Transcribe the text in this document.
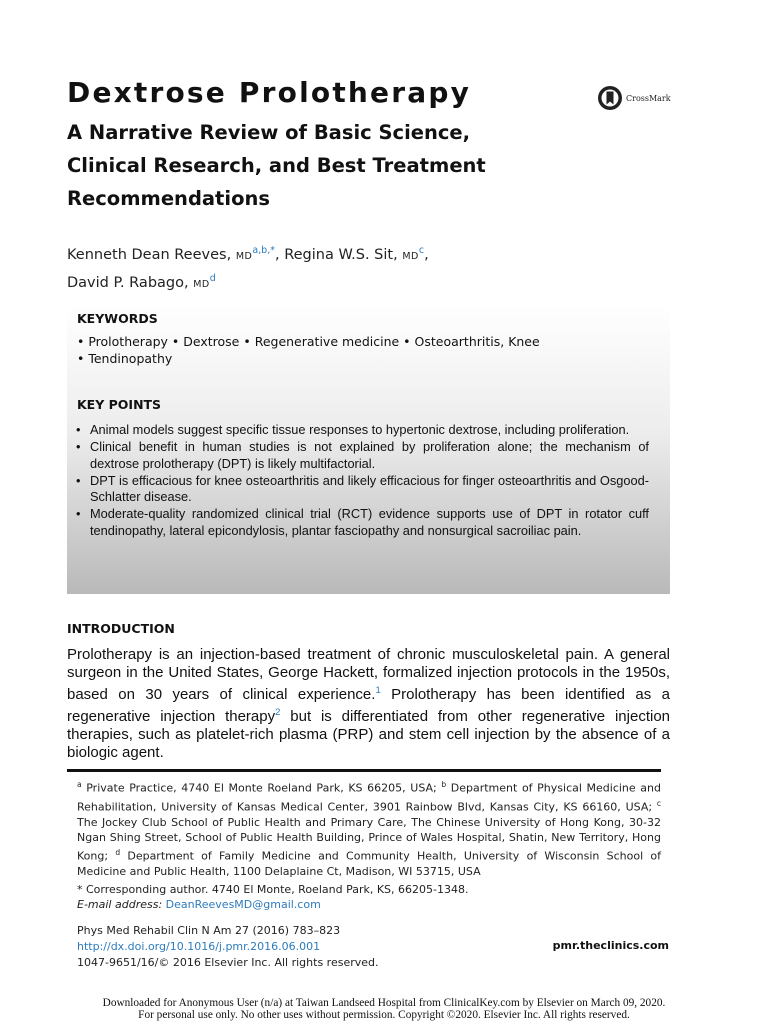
Dextrose Prolotherapy	CrossMark
A Narrative Review of Basic Science, Clinical Research, and Best Treatment Recommendations
Kenneth Dean Reeves, $MD^{a,b,*}$, Regina W.S. Sit, $MD^c$,
David P. Rabago, $MD^d$
KEYWORDS
• Prolotherapy • Dextrose • Regenerative medicine • Osteoarthritis, Knee
• Tendinopathy
KEY POINTS
• Animal models suggest specific tissue responses to hypertonic dextrose, including proliferation.
• Clinical benefit in human studies is not explained by proliferation alone; the mechanism of dextrose prolotherapy (DPT) is likely multifactorial.
• DPT is efficacious for knee osteoarthritis and likely efficacious for finger osteoarthritis and Osgood-Schlatter disease.
• Moderate-quality randomized clinical trial (RCT) evidence supports use of DPT in rotator cuff tendinopathy, lateral epicondylosis, plantar fasciopathy and nonsurgical sacroiliac pain.
INTRODUCTION

Prolotherapy is an injection-based treatment of chronic musculoskeletal pain. A general surgeon in the United States, George Hackett, formalized injection protocols in the 1950s, based on 30 years of clinical experience.$^1$ Prolotherapy has been identified as a regenerative injection therapy$^2$ but is differentiated from other regenerative injection therapies, such as platelet-rich plasma (PRP) and stem cell injection by the absence of a biologic agent.

$^a$ Private Practice, 4740 El Monte Roeland Park, KS 66205, USA; $^b$ Department of Physical Medicine and Rehabilitation, University of Kansas Medical Center, 3901 Rainbow Blvd, Kansas City, KS 66160, USA; $^c$ The Jockey Club School of Public Health and Primary Care, The Chinese University of Hong Kong, 30-32 Ngan Shing Street, School of Public Health Building, Prince of Wales Hospital, Shatin, New Territory, Hong Kong; $^d$ Department of Family Medicine and Community Health, University of Wisconsin School of Medicine and Public Health, 1100 Delaplaine Ct, Madison, WI 53715, USA

* Corresponding author. 4740 El Monte, Roeland Park, KS, 66205-1348.
E-mail address: DeanReevesMD@gmail.com
Phys Med Rehabil Clin N Am 27 (2016) 783–823
http://dx.doi.org/10.1016/j.pmr.2016.06.001
1047-9651/16/© 2016 Elsevier Inc. All rights reserved.
pmr.theclinics.com
Downloaded for Anonymous User (n/a) at Taiwan Landseed Hospital from ClinicalKey.com by Elsevier on March 09, 2020.
For personal use only. No other uses without permission. Copyright ©2020. Elsevier Inc. All rights reserved.
